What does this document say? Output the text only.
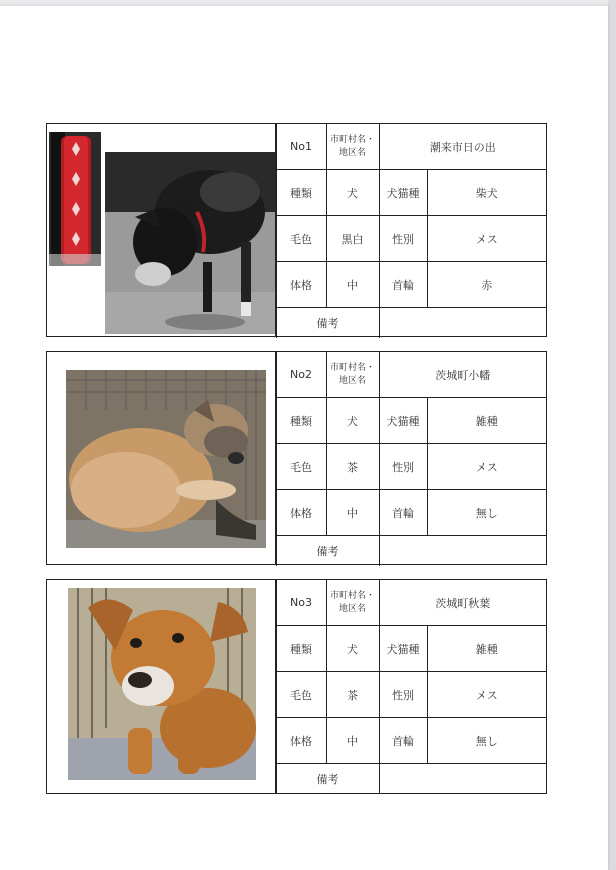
No1	市町村名・地区名	潮来市日の出	
種類	犬	犬猫種	柴犬
毛色	黒白	性別	メス
体格	中	首輪	赤
備考			
No2	市町村名・地区名	茨城町小幡	
種類	犬	犬猫種	雑種
毛色	茶	性別	メス
体格	中	首輪	無し
備考			
No3	市町村名・地区名	茨城町秋葉	
種類	犬	犬猫種	雑種
毛色	茶	性別	メス
体格	中	首輪	無し
備考			
